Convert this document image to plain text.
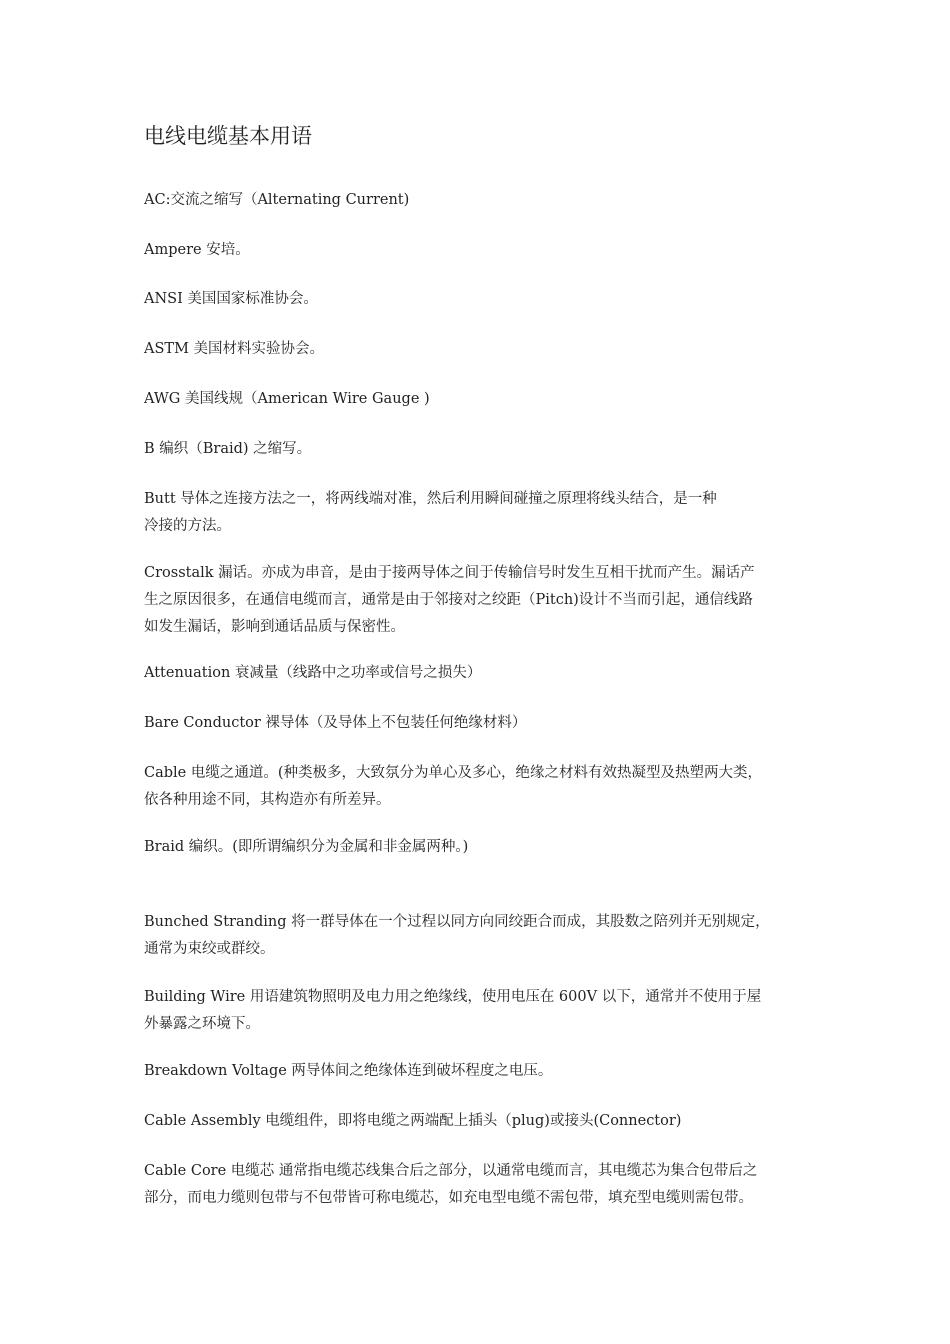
电线电缆基本用语
AC:交流之缩写（Alternating Current)
Ampere 安培。
ANSI 美国国家标准协会。
ASTM 美国材料实验协会。
AWG 美国线规（American Wire Gauge )
B 编织（Braid) 之缩写。
Butt 导体之连接方法之一，将两线端对准，然后利用瞬间碰撞之原理将线头结合，是一种
冷接的方法。
Crosstalk 漏话。亦成为串音，是由于接两导体之间于传输信号时发生互相干扰而产生。漏话产
生之原因很多，在通信电缆而言，通常是由于邻接对之绞距（Pitch)设计不当而引起，通信线路
如发生漏话，影响到通话品质与保密性。
Attenuation 衰减量（线路中之功率或信号之损失）
Bare Conductor 裸导体（及导体上不包装任何绝缘材料）
Cable 电缆之通道。(种类极多，大致氛分为单心及多心，绝缘之材料有效热凝型及热塑两大类，
依各种用途不同，其构造亦有所差异。
Braid 编织。(即所谓编织分为金属和非金属两种。)
Bunched Stranding 将一群导体在一个过程以同方向同绞距合而成，其股数之陪列并无别规定，
通常为束绞或群绞。
Building Wire 用语建筑物照明及电力用之绝缘线，使用电压在 600V 以下，通常并不使用于屋
外暴露之环境下。
Breakdown Voltage 两导体间之绝缘体连到破坏程度之电压。
Cable Assembly 电缆组件，即将电缆之两端配上插头（plug)或接头(Connector)
Cable Core 电缆芯 通常指电缆芯线集合后之部分，以通常电缆而言，其电缆芯为集合包带后之
部分，而电力缆则包带与不包带皆可称电缆芯，如充电型电缆不需包带，填充型电缆则需包带。
